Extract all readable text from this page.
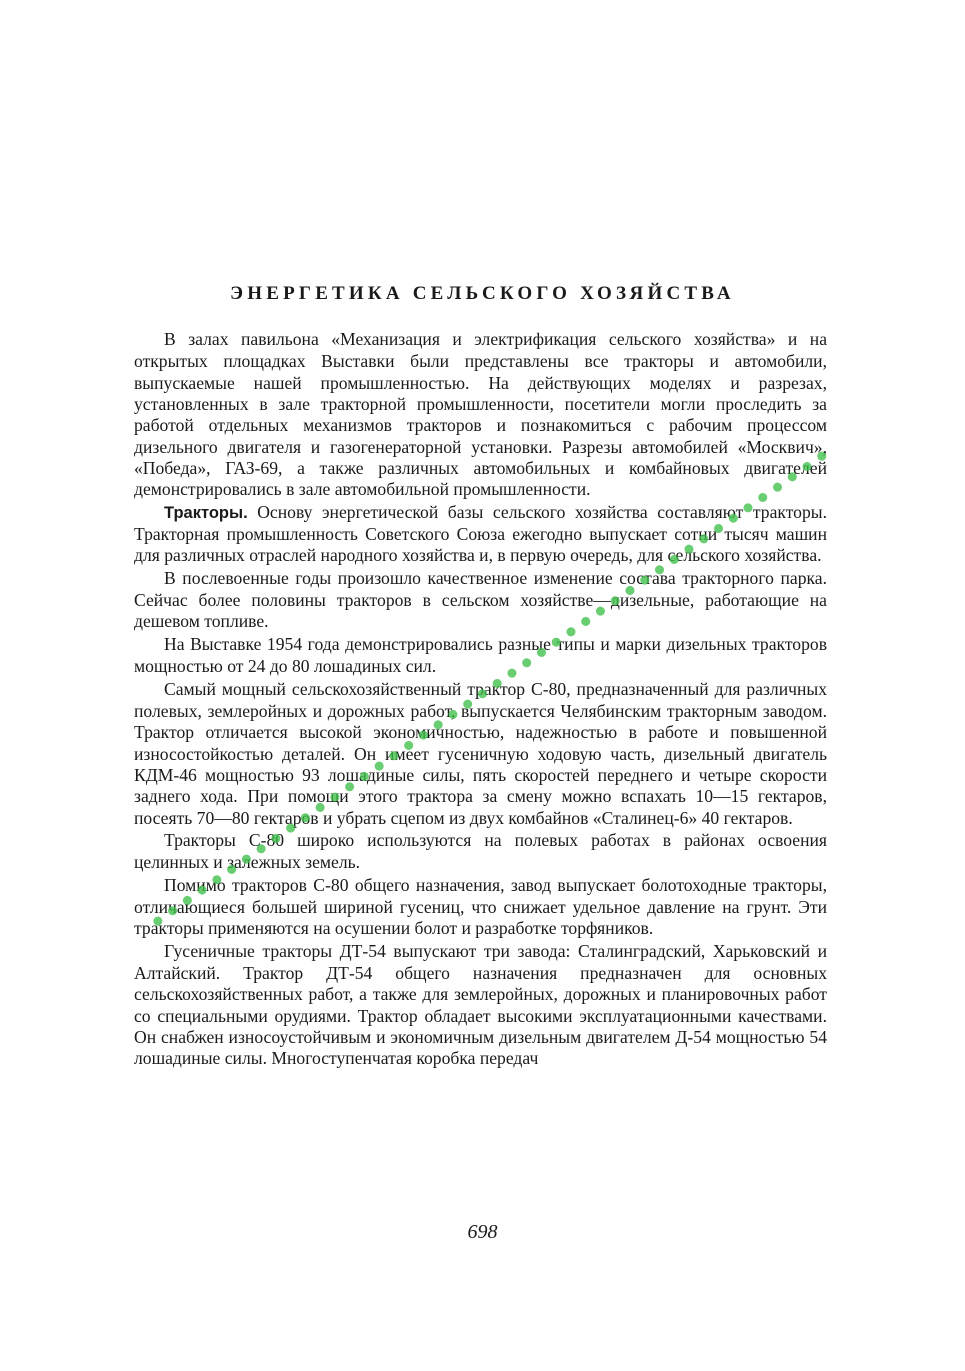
ЭНЕРГЕТИКА СЕЛЬСКОГО ХОЗЯЙСТВА

В залах павильона «Механизация и электрификация сельского хозяйства» и на открытых площадках Выставки были представлены все тракторы и автомобили, выпускаемые нашей промышленностью. На действующих моделях и разрезах, установленных в зале тракторной промышленности, посетители могли проследить за работой отдельных механизмов тракторов и познакомиться с рабочим процессом дизельного двигателя и газогенераторной установки. Разрезы автомобилей «Москвич», «Победа», ГАЗ-69, а также различных автомобильных и комбайновых двигателей демонстрировались в зале автомобильной промышленности.

Тракторы. Основу энергетической базы сельского хозяйства составляют тракторы. Тракторная промышленность Советского Союза ежегодно выпускает сотни тысяч машин для различных отраслей народного хозяйства и, в первую очередь, для сельского хозяйства.

В послевоенные годы произошло качественное изменение состава тракторного парка. Сейчас более половины тракторов в сельском хозяйстве—дизельные, работающие на дешевом топливе.

На Выставке 1954 года демонстрировались разные типы и марки дизельных тракторов мощностью от 24 до 80 лошадиных сил.

Самый мощный сельскохозяйственный трактор С-80, предназначенный для различных полевых, землеройных и дорожных работ, выпускается Челябинским тракторным заводом. Трактор отличается высокой экономичностью, надежностью в работе и повышенной износостойкостью деталей. Он имеет гусеничную ходовую часть, дизельный двигатель КДМ-46 мощностью 93 лошадиные силы, пять скоростей переднего и четыре скорости заднего хода. При помощи этого трактора за смену можно вспахать 10—15 гектаров, посеять 70—80 гектаров и убрать сцепом из двух комбайнов «Сталинец-6» 40 гектаров.

Тракторы С-80 широко используются на полевых работах в районах освоения целинных и залежных земель.

Помимо тракторов С-80 общего назначения, завод выпускает болотоходные тракторы, отличающиеся большей шириной гусениц, что снижает удельное давление на грунт. Эти тракторы применяются на осушении болот и разработке торфяников.

Гусеничные тракторы ДТ-54 выпускают три завода: Сталинградский, Харьковский и Алтайский. Трактор ДТ-54 общего назначения предназначен для основных сельскохозяйственных работ, а также для землеройных, дорожных и планировочных работ со специальными орудиями. Трактор обладает высокими эксплуатационными качествами. Он снабжен износоустойчивым и экономичным дизельным двигателем Д-54 мощностью 54 лошадиные силы. Многоступенчатая коробка передач

698
